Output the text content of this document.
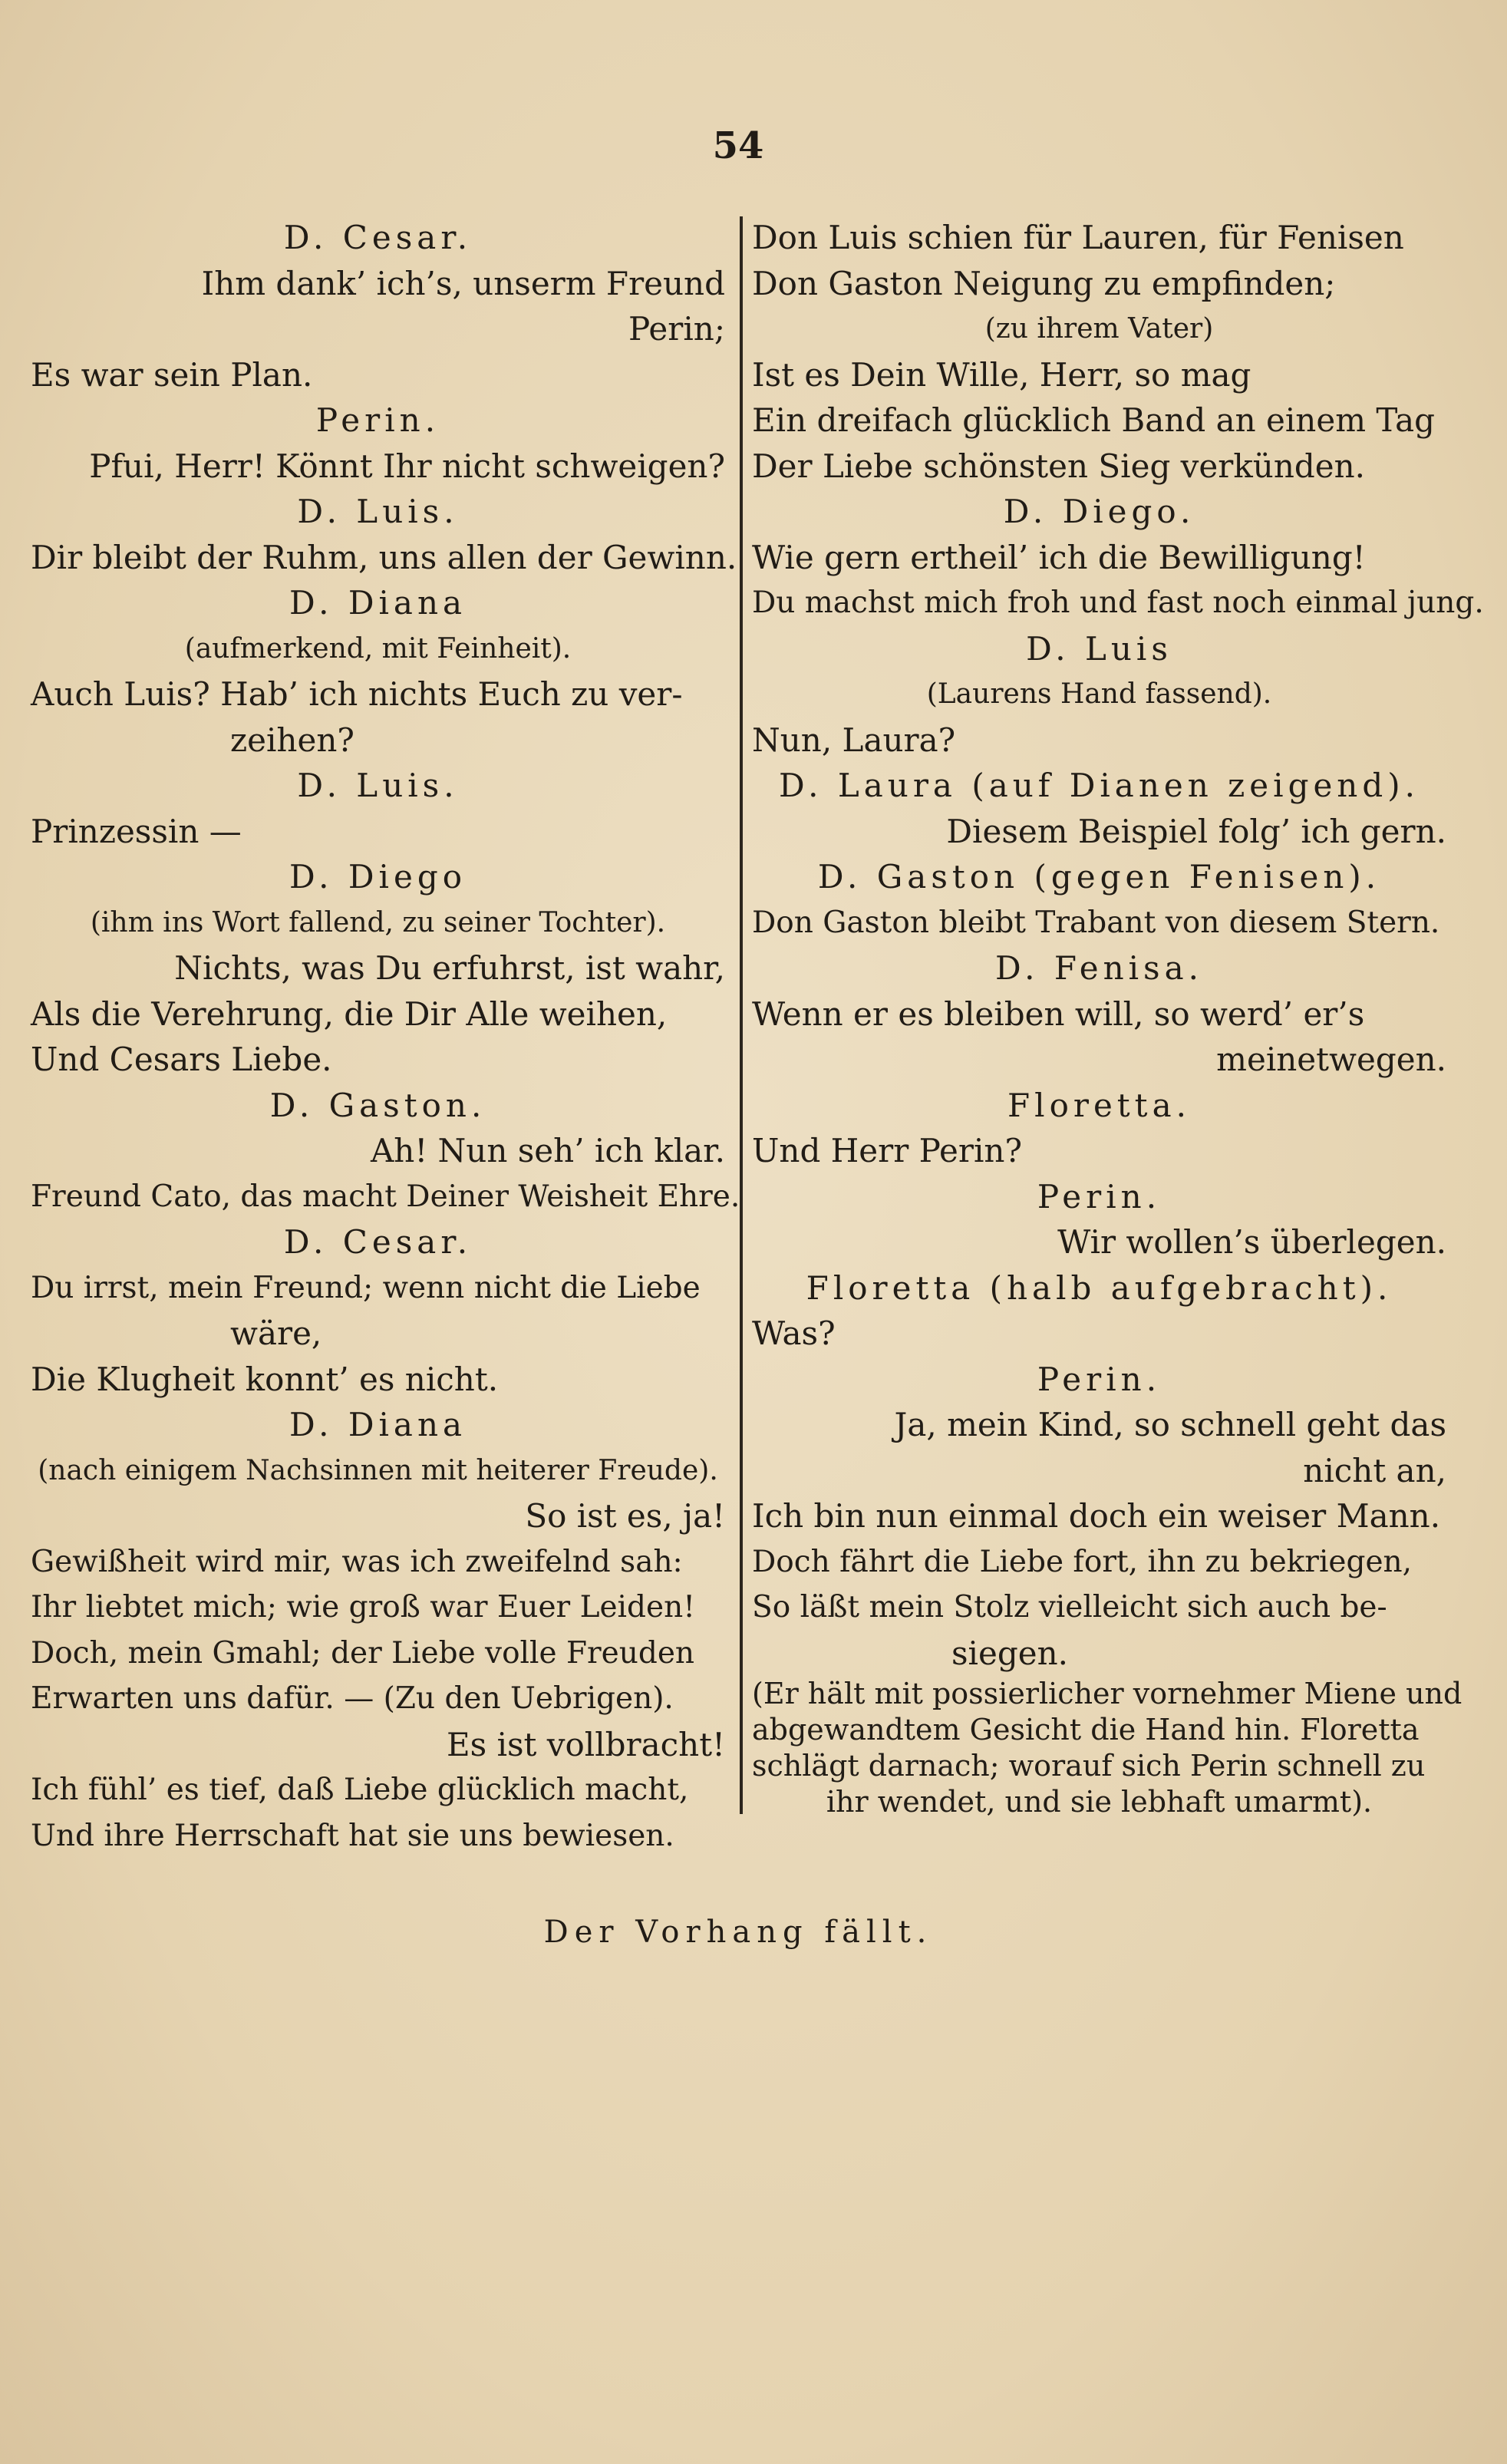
54
D. Cesar.
Ihm dank’ ich’s, unserm Freund
Perin;
Es war sein Plan.
Perin.
Pfui, Herr! Könnt Ihr nicht schweigen?
D. Luis.
Dir bleibt der Ruhm, uns allen der Gewinn.
D. Diana
(aufmerkend, mit Feinheit).
Auch Luis? Hab’ ich nichts Euch zu ver-
zeihen?
D. Luis.
Prinzessin —
D. Diego
(ihm ins Wort fallend, zu seiner Tochter).
Nichts, was Du erfuhrst, ist wahr,
Als die Verehrung, die Dir Alle weihen,
Und Cesars Liebe.
D. Gaston.
Ah! Nun seh’ ich klar.
Freund Cato, das macht Deiner Weisheit Ehre.
D. Cesar.
Du irrst, mein Freund; wenn nicht die Liebe
wäre,
Die Klugheit konnt’ es nicht.
D. Diana
(nach einigem Nachsinnen mit heiterer Freude).
So ist es, ja!
Gewißheit wird mir, was ich zweifelnd sah:
Ihr liebtet mich; wie groß war Euer Leiden!
Doch, mein Gmahl; der Liebe volle Freuden
Erwarten uns dafür. — (Zu den Uebrigen).
Es ist vollbracht!
Ich fühl’ es tief, daß Liebe glücklich macht,
Und ihre Herrschaft hat sie uns bewiesen.
Don Luis schien für Lauren, für Fenisen
Don Gaston Neigung zu empfinden;
(zu ihrem Vater)
Ist es Dein Wille, Herr, so mag
Ein dreifach glücklich Band an einem Tag
Der Liebe schönsten Sieg verkünden.
D. Diego.
Wie gern ertheil’ ich die Bewilligung!
Du machst mich froh und fast noch einmal jung.
D. Luis
(Laurens Hand fassend).
Nun, Laura?
D. Laura (auf Dianen zeigend).
Diesem Beispiel folg’ ich gern.
D. Gaston (gegen Fenisen).
Don Gaston bleibt Trabant von diesem Stern.
D. Fenisa.
Wenn er es bleiben will, so werd’ er’s
meinetwegen.
Floretta.
Und Herr Perin?
Perin.
Wir wollen’s überlegen.
Floretta (halb aufgebracht).
Was?
Perin.
Ja, mein Kind, so schnell geht das
nicht an,
Ich bin nun einmal doch ein weiser Mann.
Doch fährt die Liebe fort, ihn zu bekriegen,
So läßt mein Stolz vielleicht sich auch be-
siegen.
(Er hält mit possierlicher vornehmer Miene und
abgewandtem Gesicht die Hand hin. Floretta
schlägt darnach; worauf sich Perin schnell zu
ihr wendet, und sie lebhaft umarmt).
Der Vorhang fällt.
